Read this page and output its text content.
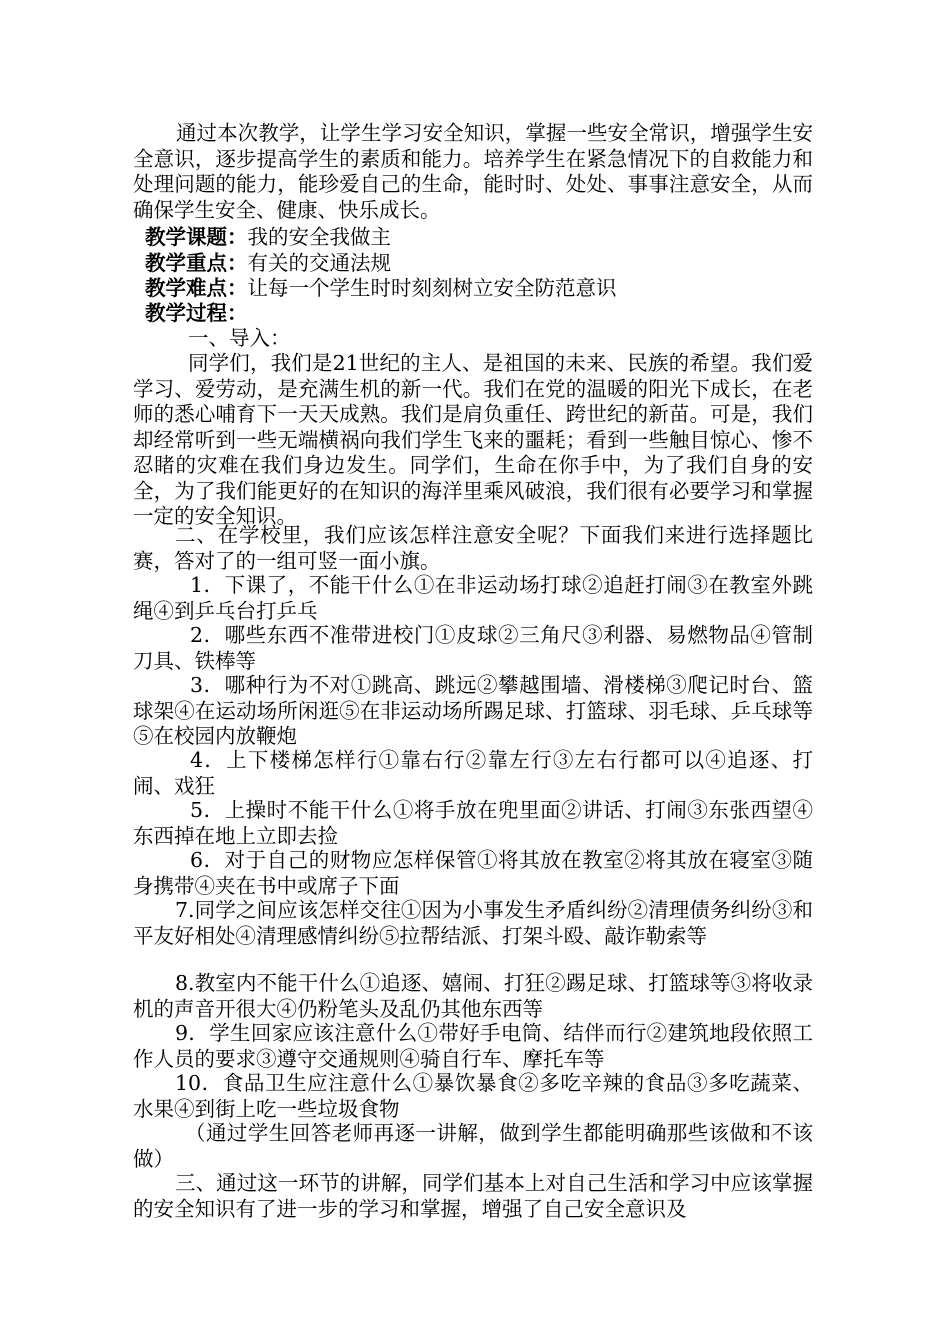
通过本次教学，让学生学习安全知识，掌握一些安全常识，增强学生安全意识，逐步提高学生的素质和能力。培养学生在紧急情况下的自救能力和处理问题的能力，能珍爱自己的生命，能时时、处处、事事注意安全，从而确保学生安全、健康、快乐成长。
教学课题：我的安全我做主
教学重点：有关的交通法规
教学难点：让每一个学生时时刻刻树立安全防范意识
教学过程：
一、导入：
同学们，我们是21世纪的主人、是祖国的未来、民族的希望。我们爱学习、爱劳动，是充满生机的新一代。我们在党的温暖的阳光下成长，在老师的悉心哺育下一天天成熟。我们是肩负重任、跨世纪的新苗。可是，我们却经常听到一些无端横祸向我们学生飞来的噩耗；看到一些触目惊心、惨不忍睹的灾难在我们身边发生。同学们，生命在你手中，为了我们自身的安全，为了我们能更好的在知识的海洋里乘风破浪，我们很有必要学习和掌握一定的安全知识。
二、在学校里，我们应该怎样注意安全呢？下面我们来进行选择题比赛，答对了的一组可竖一面小旗。
1．下课了，不能干什么①在非运动场打球②追赶打闹③在教室外跳绳④到乒乓台打乒乓
2．哪些东西不准带进校门①皮球②三角尺③利器、易燃物品④管制刀具、铁棒等
3．哪种行为不对①跳高、跳远②攀越围墙、滑楼梯③爬记时台、篮球架④在运动场所闲逛⑤在非运动场所踢足球、打篮球、羽毛球、乒乓球等⑤在校园内放鞭炮
4．上下楼梯怎样行①靠右行②靠左行③左右行都可以④追逐、打闹、戏狂
5．上操时不能干什么①将手放在兜里面②讲话、打闹③东张西望④东西掉在地上立即去捡
6．对于自己的财物应怎样保管①将其放在教室②将其放在寝室③随身携带④夹在书中或席子下面
7.同学之间应该怎样交往①因为小事发生矛盾纠纷②清理债务纠纷③和平友好相处④清理感情纠纷⑤拉帮结派、打架斗殴、敲诈勒索等
8.教室内不能干什么①追逐、嬉闹、打狂②踢足球、打篮球等③将收录机的声音开很大④仍粉笔头及乱仍其他东西等
9．学生回家应该注意什么①带好手电筒、结伴而行②建筑地段依照工作人员的要求③遵守交通规则④骑自行车、摩托车等
10．食品卫生应注意什么①暴饮暴食②多吃辛辣的食品③多吃蔬菜、水果④到街上吃一些垃圾食物
（通过学生回答老师再逐一讲解，做到学生都能明确那些该做和不该做）
三、通过这一环节的讲解，同学们基本上对自己生活和学习中应该掌握的安全知识有了进一步的学习和掌握，增强了自己安全意识及
